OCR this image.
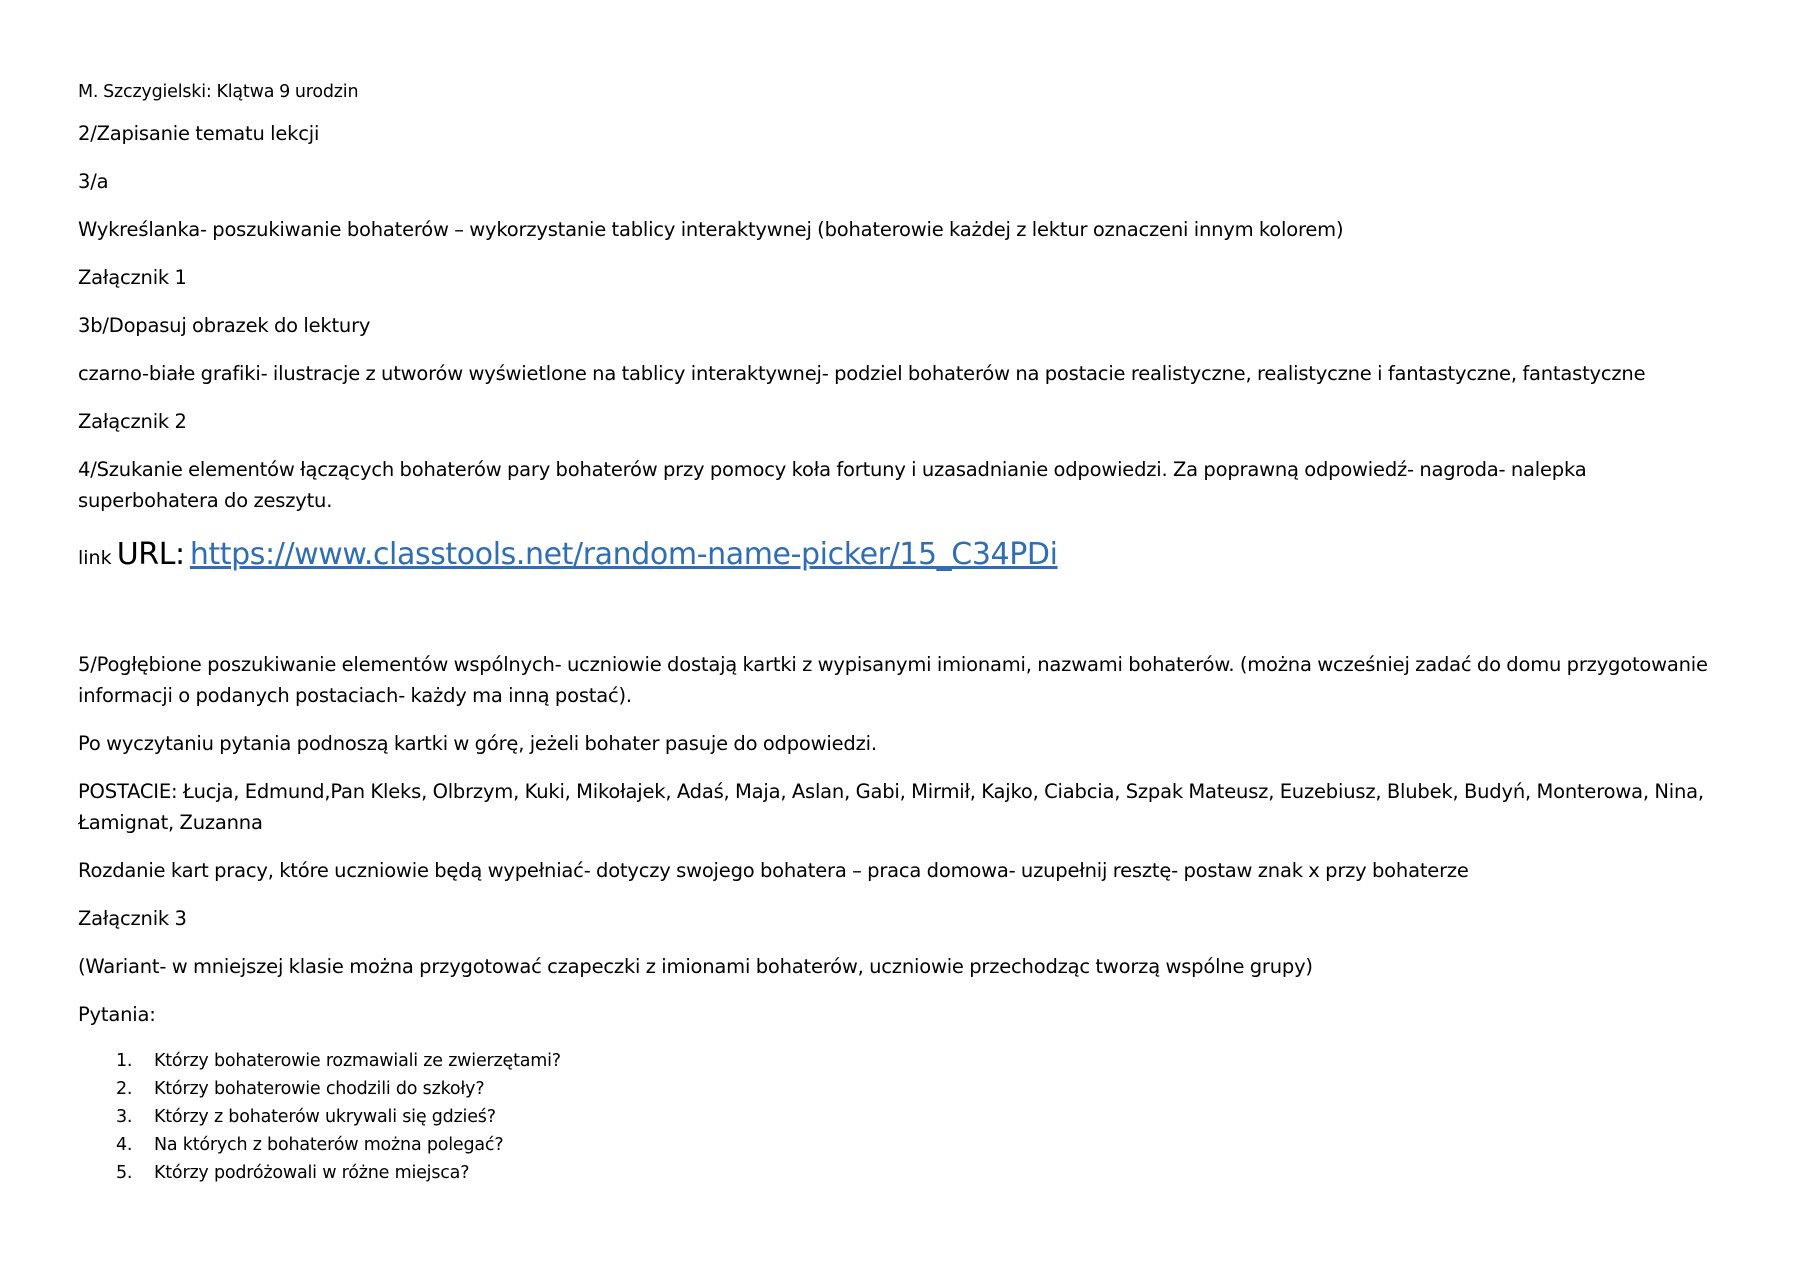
M. Szczygielski: Klątwa 9 urodzin

2/Zapisanie tematu lekcji

3/a

Wykreślanka- poszukiwanie bohaterów – wykorzystanie tablicy interaktywnej (bohaterowie każdej z lektur oznaczeni innym kolorem)

Załącznik 1

3b/Dopasuj obrazek do lektury

czarno-białe grafiki- ilustracje z utworów wyświetlone na tablicy interaktywnej- podziel bohaterów na postacie realistyczne, realistyczne i fantastyczne, fantastyczne

Załącznik 2

4/Szukanie elementów łączących bohaterów pary bohaterów przy pomocy koła fortuny i uzasadnianie odpowiedzi. Za poprawną odpowiedź- nagroda- nalepka superbohatera do zeszytu.

link URL: https://www.classtools.net/random-name-picker/15_C34PDi

5/Pogłębione poszukiwanie elementów wspólnych- uczniowie dostają kartki z wypisanymi imionami, nazwami bohaterów. (można wcześniej zadać do domu przygotowanie informacji o podanych postaciach- każdy ma inną postać).

Po wyczytaniu pytania podnoszą kartki w górę, jeżeli bohater pasuje do odpowiedzi.

POSTACIE: Łucja, Edmund,Pan Kleks, Olbrzym, Kuki, Mikołajek, Adaś, Maja, Aslan, Gabi, Mirmił, Kajko, Ciabcia, Szpak Mateusz, Euzebiusz, Blubek, Budyń, Monterowa, Nina, Łamignat, Zuzanna

Rozdanie kart pracy, które uczniowie będą wypełniać- dotyczy swojego bohatera – praca domowa- uzupełnij resztę- postaw znak x przy bohaterze

Załącznik 3

(Wariant- w mniejszej klasie można przygotować czapeczki z imionami bohaterów, uczniowie przechodząc tworzą wspólne grupy)

Pytania:

1.	Którzy bohaterowie rozmawiali ze zwierzętami?
2.	Którzy bohaterowie chodzili do szkoły?
3.	Którzy z bohaterów ukrywali się gdzieś?
4.	Na których z bohaterów można polegać?
5.	Którzy podróżowali w różne miejsca?
